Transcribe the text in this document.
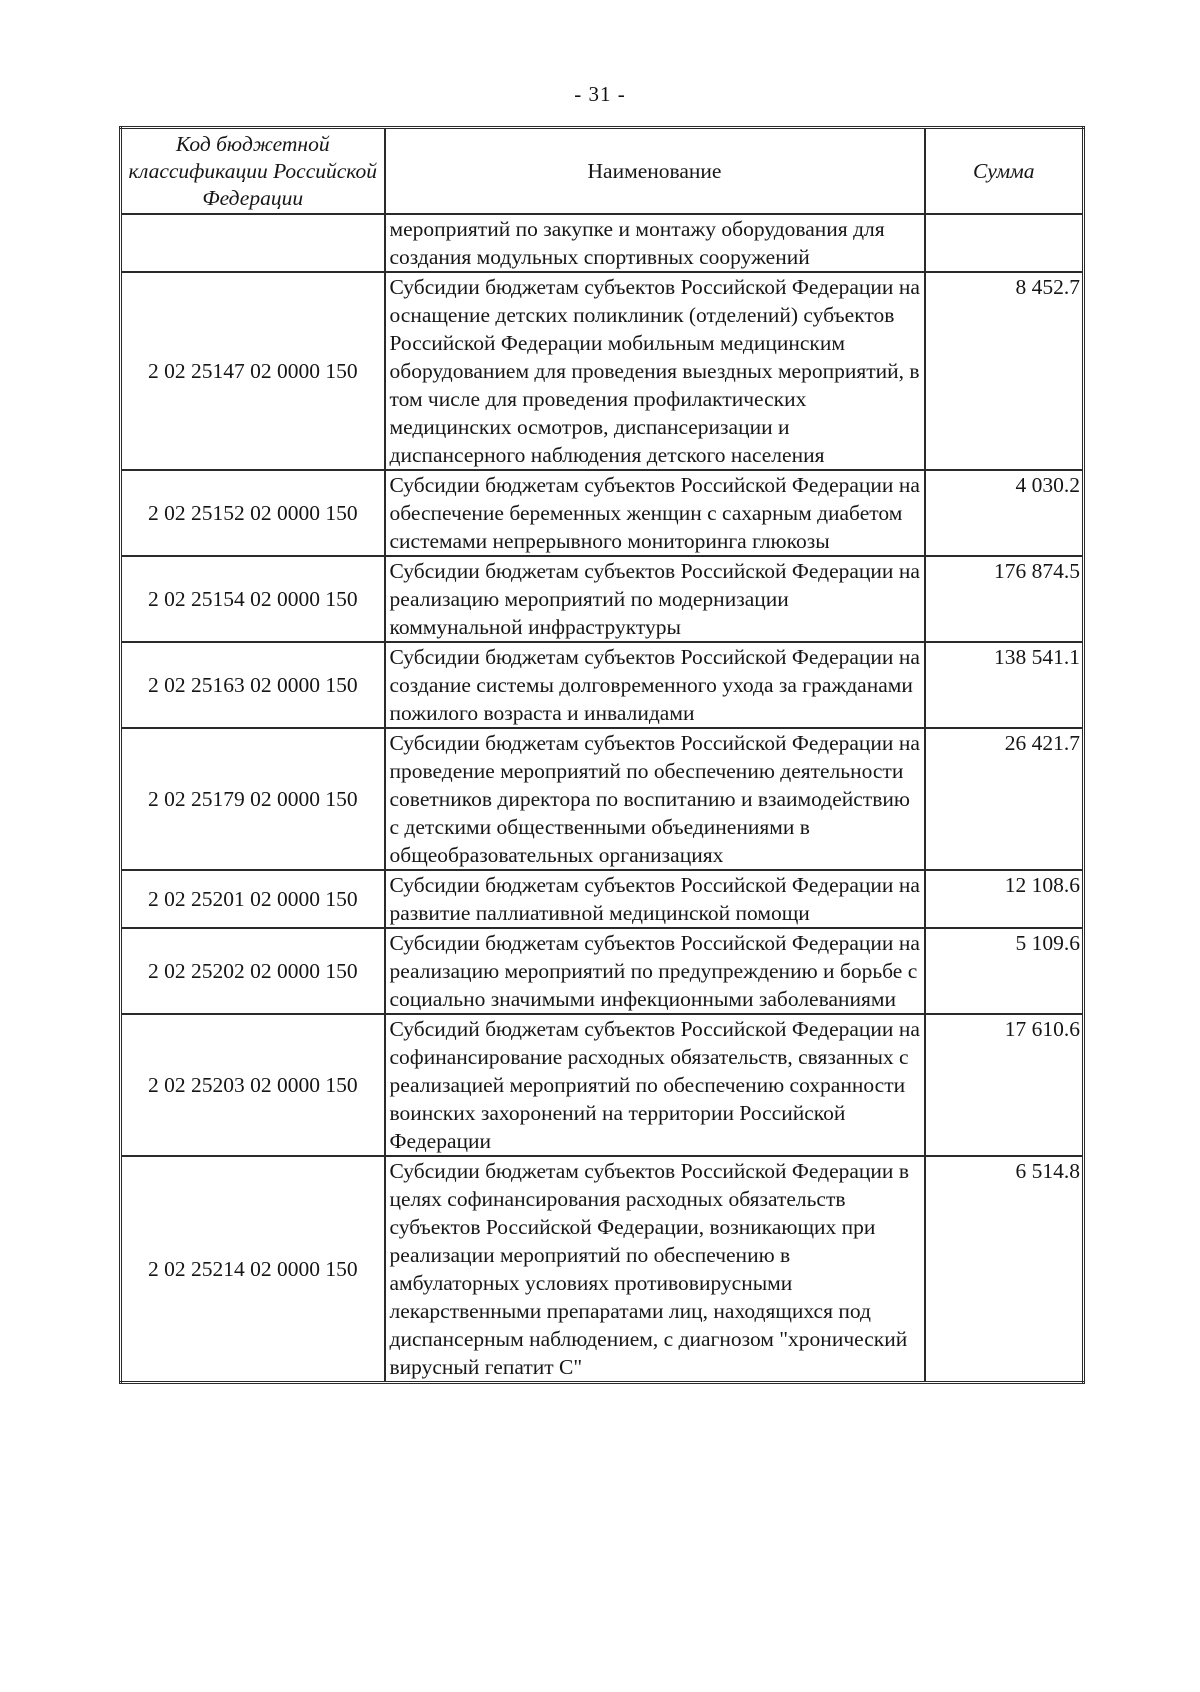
- 31 -
Код бюджетной классификации Российской Федерации	Наименование	Сумма
	мероприятий по закупке и монтажу оборудования для создания модульных спортивных сооружений	
2 02 25147 02 0000 150	Субсидии бюджетам субъектов Российской Федерации на оснащение детских поликлиник (отделений) субъектов Российской Федерации мобильным медицинским оборудованием для проведения выездных мероприятий, в том числе для проведения профилактических медицинских осмотров, диспансеризации и диспансерного наблюдения детского населения	8 452.7
2 02 25152 02 0000 150	Субсидии бюджетам субъектов Российской Федерации на обеспечение беременных женщин с сахарным диабетом системами непрерывного мониторинга глюкозы	4 030.2
2 02 25154 02 0000 150	Субсидии бюджетам субъектов Российской Федерации на реализацию мероприятий по модернизации коммунальной инфраструктуры	176 874.5
2 02 25163 02 0000 150	Субсидии бюджетам субъектов Российской Федерации на создание системы долговременного ухода за гражданами пожилого возраста и инвалидами	138 541.1
2 02 25179 02 0000 150	Субсидии бюджетам субъектов Российской Федерации на проведение мероприятий по обеспечению деятельности советников директора по воспитанию и взаимодействию с детскими общественными объединениями в общеобразовательных организациях	26 421.7
2 02 25201 02 0000 150	Субсидии бюджетам субъектов Российской Федерации на развитие паллиативной медицинской помощи	12 108.6
2 02 25202 02 0000 150	Субсидии бюджетам субъектов Российской Федерации на реализацию мероприятий по предупреждению и борьбе с социально значимыми инфекционными заболеваниями	5 109.6
2 02 25203 02 0000 150	Субсидий бюджетам субъектов Российской Федерации на софинансирование расходных обязательств, связанных с реализацией мероприятий по обеспечению сохранности воинских захоронений на территории Российской Федерации	17 610.6
2 02 25214 02 0000 150	Субсидии бюджетам субъектов Российской Федерации в целях софинансирования расходных обязательств субъектов Российской Федерации, возникающих при реализации мероприятий по обеспечению в амбулаторных условиях противовирусными лекарственными препаратами лиц, находящихся под диспансерным наблюдением, с диагнозом "хронический вирусный гепатит С"	6 514.8
